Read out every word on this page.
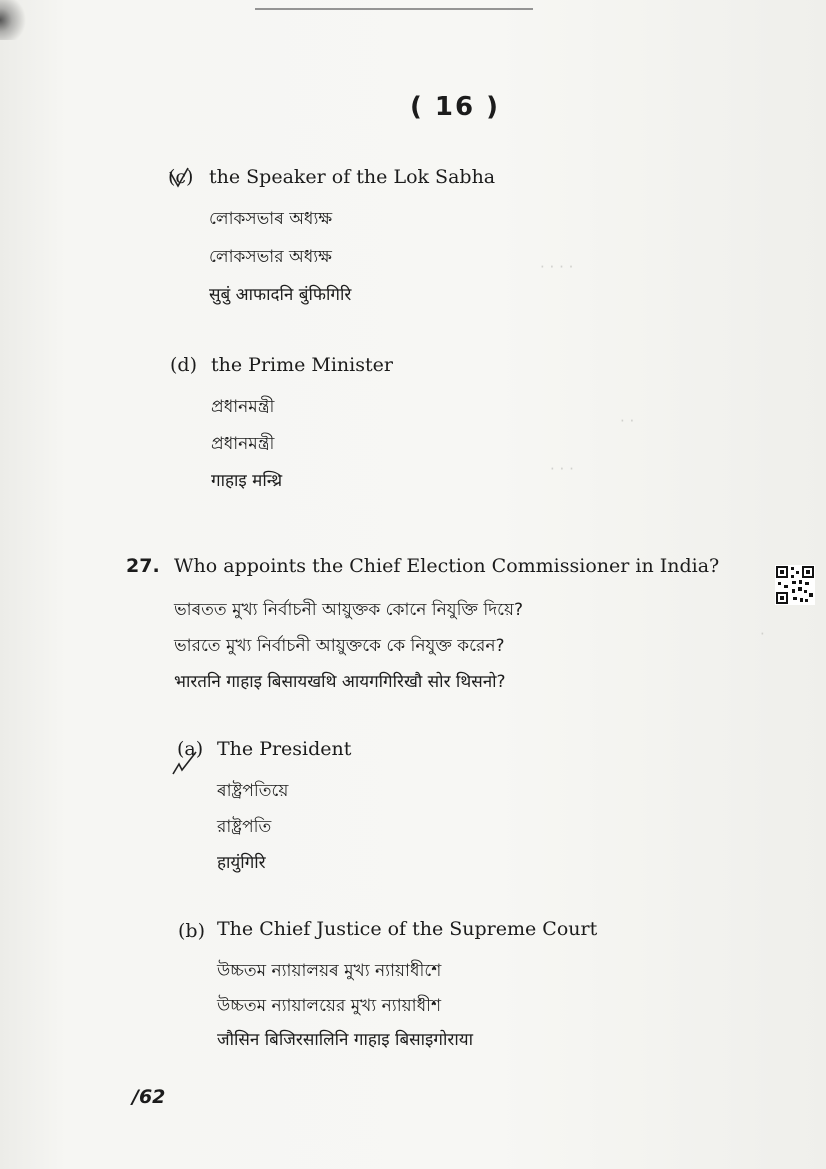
· · · ·
· ·
· · ·
·
( 16 )
(c) the Speaker of the Lok Sabha
লোকসভাৰ অধ্যক্ষ
লোকসভার অধ্যক্ষ
सुबुं आफादनि बुंफिगिरि
(d) the Prime Minister
প্ৰধানমন্ত্ৰী
প্রধানমন্ত্রী
गाहाइ मन्थ्रि
27. Who appoints the Chief Election Commissioner in India?
ভাৰতত মুখ্য নিৰ্বাচনী আয়ুক্তক কোনে নিযুক্তি দিয়ে?
ভারতে মুখ্য নির্বাচনী আয়ুক্তকে কে নিযুক্ত করেন?
भारतनि गाहाइ बिसायखथि आयगगिरिखौ सोर थिसनो?
(a) The President
ৰাষ্ট্ৰপতিয়ে
রাষ্ট্রপতি
हायुंगिरि
(b) The Chief Justice of the Supreme Court
উচ্চতম ন্যায়ালয়ৰ মুখ্য ন্যায়াধীশে
উচ্চতম ন্যায়ালয়ের মুখ্য ন্যায়াধীশ
जौसिन बिजिरसालिनि गाहाइ बिसाइगोराया
/62
